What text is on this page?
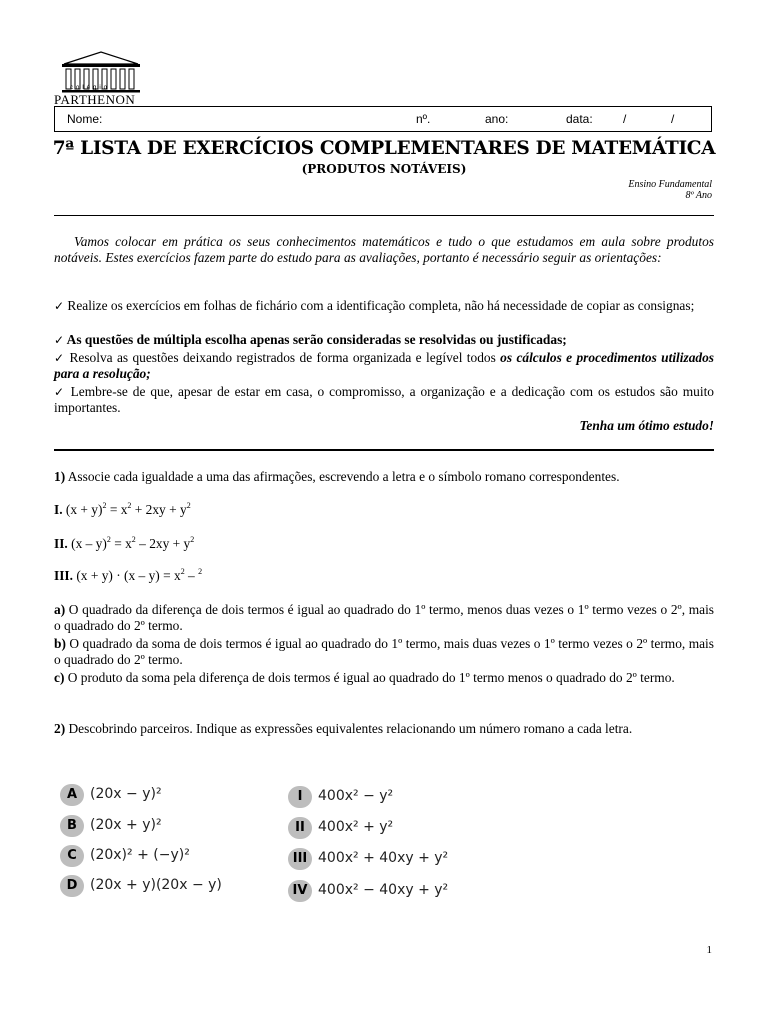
colégio
PARTHENON
Nome:	nº.	ano:	data:	/	/
7ª LISTA DE EXERCÍCIOS COMPLEMENTARES DE MATEMÁTICA
(PRODUTOS NOTÁVEIS)
Ensino Fundamental
8º Ano
Vamos colocar em prática os seus conhecimentos matemáticos e tudo o que estudamos em aula sobre produtos notáveis. Estes exercícios fazem parte do estudo para as avaliações, portanto é necessário seguir as orientações:
✓ Realize os exercícios em folhas de fichário com a identificação completa, não há necessidade de copiar as consignas;
✓ As questões de múltipla escolha apenas serão consideradas se resolvidas ou justificadas;
✓ Resolva as questões deixando registrados de forma organizada e legível todos os cálculos e procedimentos utilizados para a resolução;
✓ Lembre-se de que, apesar de estar em casa, o compromisso, a organização e a dedicação com os estudos são muito importantes.
Tenha um ótimo estudo!
1) Associe cada igualdade a uma das afirmações, escrevendo a letra e o símbolo romano correspondentes.
I. $(x + y)^2 = x^2 + 2xy + y^2$
II. $(x - y)^2 = x^2 - 2xy + y^2$
III. $(x + y) \cdot (x - y) = x^2 - ^2$
a) O quadrado da diferença de dois termos é igual ao quadrado do 1º termo, menos duas vezes o 1º termo vezes o 2º, mais o quadrado do 2º termo.
b) O quadrado da soma de dois termos é igual ao quadrado do 1º termo, mais duas vezes o 1º termo vezes o 2º termo, mais o quadrado do 2º termo.
c) O produto da soma pela diferença de dois termos é igual ao quadrado do 1º termo menos o quadrado do 2º termo.
2) Descobrindo parceiros. Indique as expressões equivalentes relacionando um número romano a cada letra.
A (20x − y)²
B (20x + y)²
C (20x)² + (−y)²
D (20x + y)(20x − y)
I	400x² − y²
II 400x² + y²
III 400x² + 40xy + y²
IV 400x² − 40xy + y²
1
